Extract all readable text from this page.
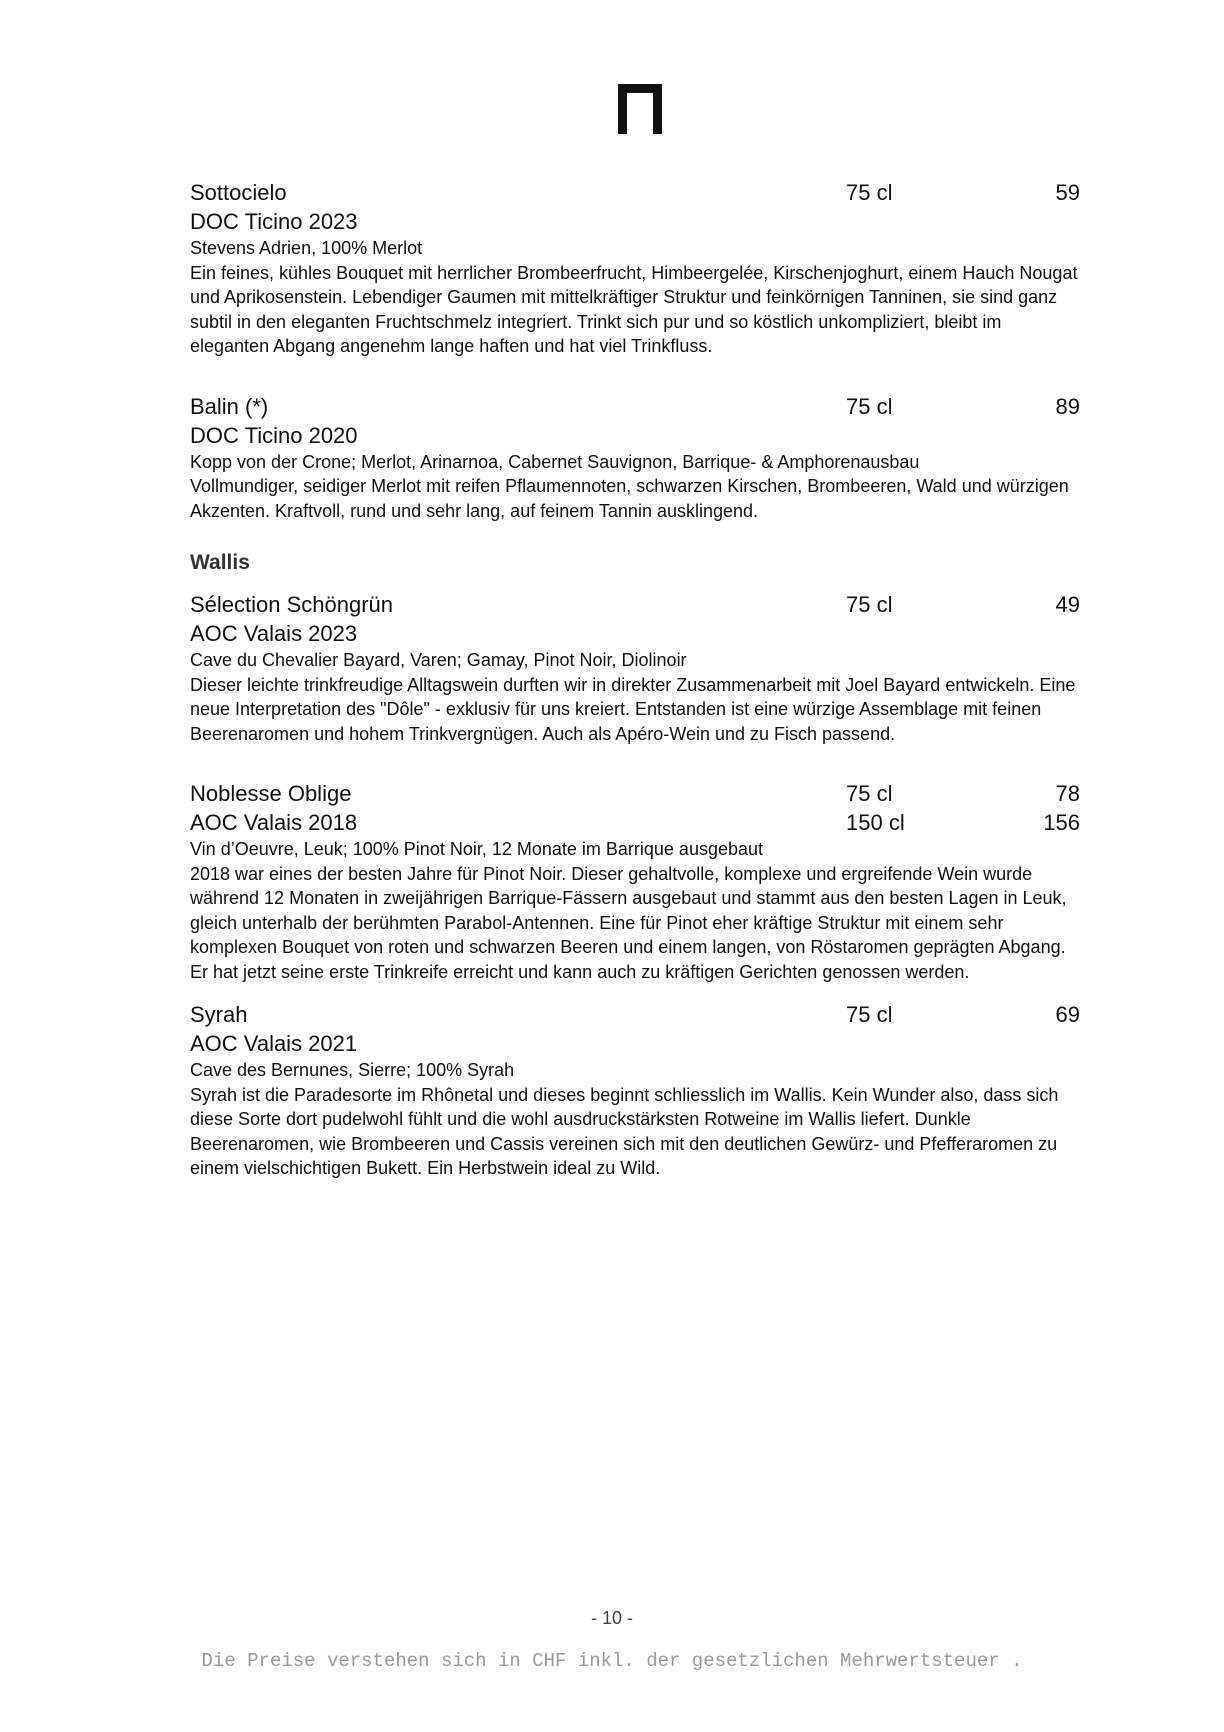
Sottocielo	75 cl	59
DOC Ticino 2023
Stevens Adrien, 100% Merlot
Ein feines, kühles Bouquet mit herrlicher Brombeerfrucht, Himbeergelée, Kirschenjoghurt, einem Hauch Nougat und Aprikosenstein. Lebendiger Gaumen mit mittelkräftiger Struktur und feinkörnigen Tanninen, sie sind ganz subtil in den eleganten Fruchtschmelz integriert. Trinkt sich pur und so köstlich unkompliziert, bleibt im eleganten Abgang angenehm lange haften und hat viel Trinkfluss.
Balin (*)	75 cl	89
DOC Ticino 2020
Kopp von der Crone; Merlot, Arinarnoa, Cabernet Sauvignon, Barrique- & Amphorenausbau
Vollmundiger, seidiger Merlot mit reifen Pflaumennoten, schwarzen Kirschen, Brombeeren, Wald und würzigen Akzenten. Kraftvoll, rund und sehr lang, auf feinem Tannin ausklingend.
Wallis
Sélection Schöngrün	75 cl	49
AOC Valais 2023
Cave du Chevalier Bayard, Varen; Gamay, Pinot Noir, Diolinoir
Dieser leichte trinkfreudige Alltagswein durften wir in direkter Zusammenarbeit mit Joel Bayard entwickeln. Eine neue Interpretation des "Dôle" - exklusiv für uns kreiert. Entstanden ist eine würzige Assemblage mit feinen Beerenaromen und hohem Trinkvergnügen. Auch als Apéro-Wein und zu Fisch passend.
Noblesse Oblige	75 cl	78
AOC Valais 2018	150 cl	156
Vin d’Oeuvre, Leuk; 100% Pinot Noir, 12 Monate im Barrique ausgebaut
2018 war eines der besten Jahre für Pinot Noir. Dieser gehaltvolle, komplexe und ergreifende Wein wurde während 12 Monaten in zweijährigen Barrique-Fässern ausgebaut und stammt aus den besten Lagen in Leuk, gleich unterhalb der berühmten Parabol-Antennen. Eine für Pinot eher kräftige Struktur mit einem sehr komplexen Bouquet von roten und schwarzen Beeren und einem langen, von Röstaromen geprägten Abgang. Er hat jetzt seine erste Trinkreife erreicht und kann auch zu kräftigen Gerichten genossen werden.
Syrah	75 cl	69
AOC Valais 2021
Cave des Bernunes, Sierre; 100% Syrah
Syrah ist die Paradesorte im Rhônetal und dieses beginnt schliesslich im Wallis. Kein Wunder also, dass sich diese Sorte dort pudelwohl fühlt und die wohl ausdruckstärksten Rotweine im Wallis liefert. Dunkle Beerenaromen, wie Brombeeren und Cassis vereinen sich mit den deutlichen Gewürz- und Pfefferaromen zu einem vielschichtigen Bukett. Ein Herbstwein ideal zu Wild.
- 10 -
Die Preise verstehen sich in CHF inkl. der gesetzlichen Mehrwertsteuer .
